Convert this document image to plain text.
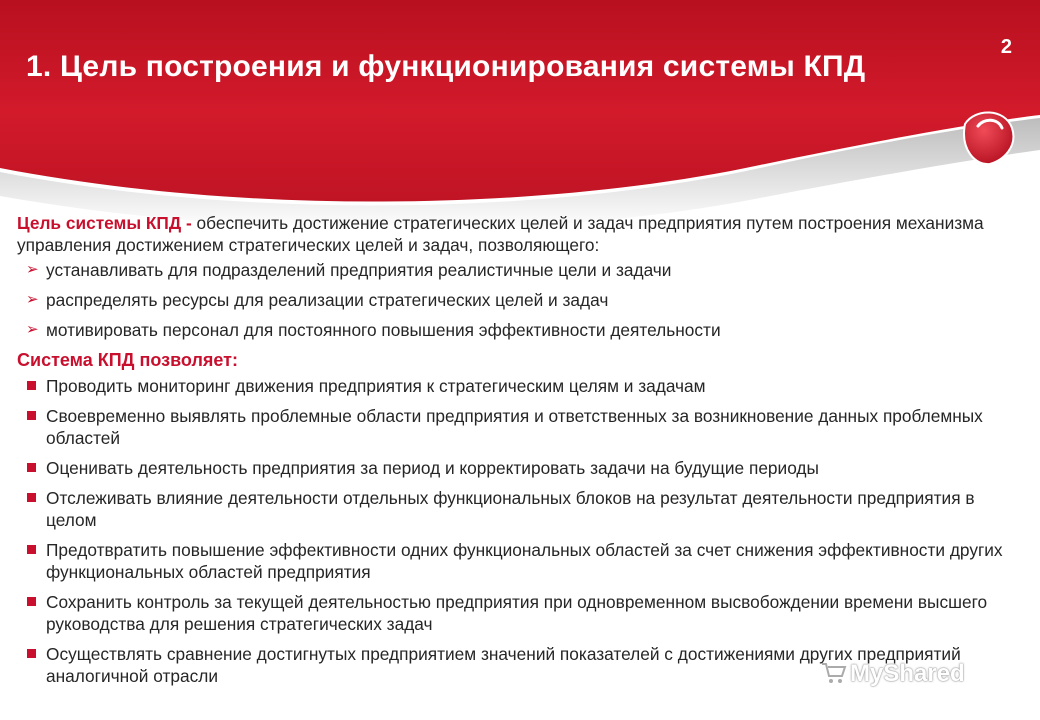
1. Цель построения и функционирования системы КПД
2

Цель системы КПД - обеспечить достижение стратегических целей и задач предприятия путем построения механизма управления достижением стратегических целей и задач, позволяющего:

➢ устанавливать для подразделений предприятия реалистичные цели и задачи
➢ распределять ресурсы для реализации стратегических целей и задач
➢ мотивировать персонал для постоянного повышения эффективности деятельности

Система КПД позволяет:

Проводить мониторинг движения предприятия к стратегическим целям и задачам
Своевременно выявлять проблемные области предприятия и ответственных за возникновение данных проблемных областей
Оценивать деятельность предприятия за период и корректировать задачи на будущие периоды
Отслеживать влияние деятельности отдельных функциональных блоков на результат деятельности предприятия в целом
Предотвратить повышение эффективности одних функциональных областей за счет снижения эффективности других функциональных областей предприятия
Сохранить контроль за текущей деятельностью предприятия при одновременном высвобождении времени высшего руководства для решения стратегических задач
Осуществлять сравнение достигнутых предприятием значений показателей с достижениями других предприятий аналогичной отрасли	MyShared
